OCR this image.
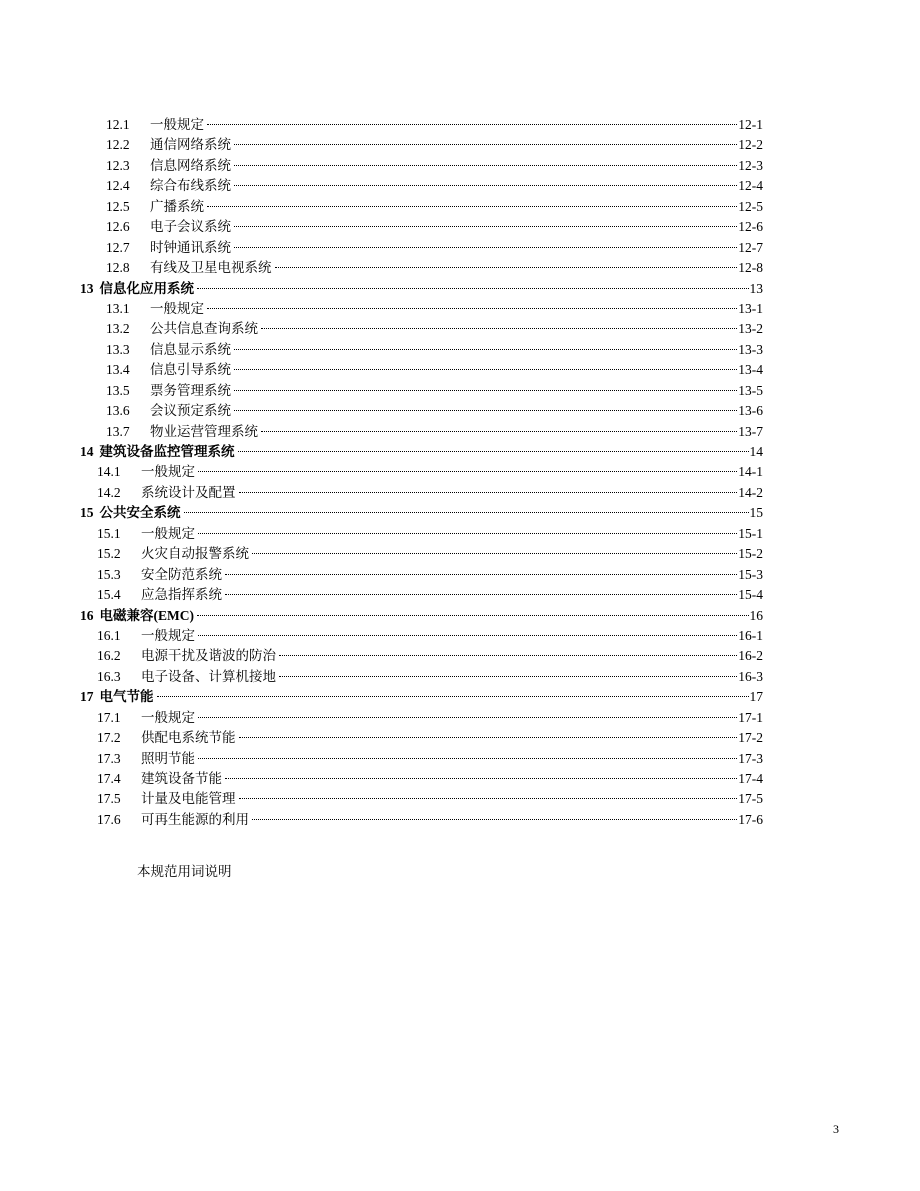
12.1	一般规定	12-1
12.2	通信网络系统	12-2
12.3	信息网络系统	12-3
12.4	综合布线系统	12-4
12.5	广播系统	12-5
12.6	电子会议系统	12-6
12.7	时钟通讯系统	12-7
12.8	有线及卫星电视系统	12-8
13 信息化应用系统	13
13.1	一般规定	13-1
13.2	公共信息查询系统	13-2
13.3	信息显示系统	13-3
13.4	信息引导系统	13-4
13.5	票务管理系统	13-5
13.6	会议预定系统	13-6
13.7	物业运营管理系统	13-7
14 建筑设备监控管理系统	14
14.1	一般规定	14-1
14.2	系统设计及配置	14-2
15 公共安全系统	15
15.1	一般规定	15-1
15.2	火灾自动报警系统	15-2
15.3	安全防范系统	15-3
15.4	应急指挥系统	15-4
16 电磁兼容(EMC)	16
16.1	一般规定	16-1
16.2	电源干扰及谐波的防治	16-2
16.3	电子设备、计算机接地	16-3
17 电气节能	17
17.1	一般规定	17-1
17.2	供配电系统节能	17-2
17.3	照明节能	17-3
17.4	建筑设备节能	17-4
17.5	计量及电能管理	17-5
17.6	可再生能源的利用	17-6
本规范用词说明
3
